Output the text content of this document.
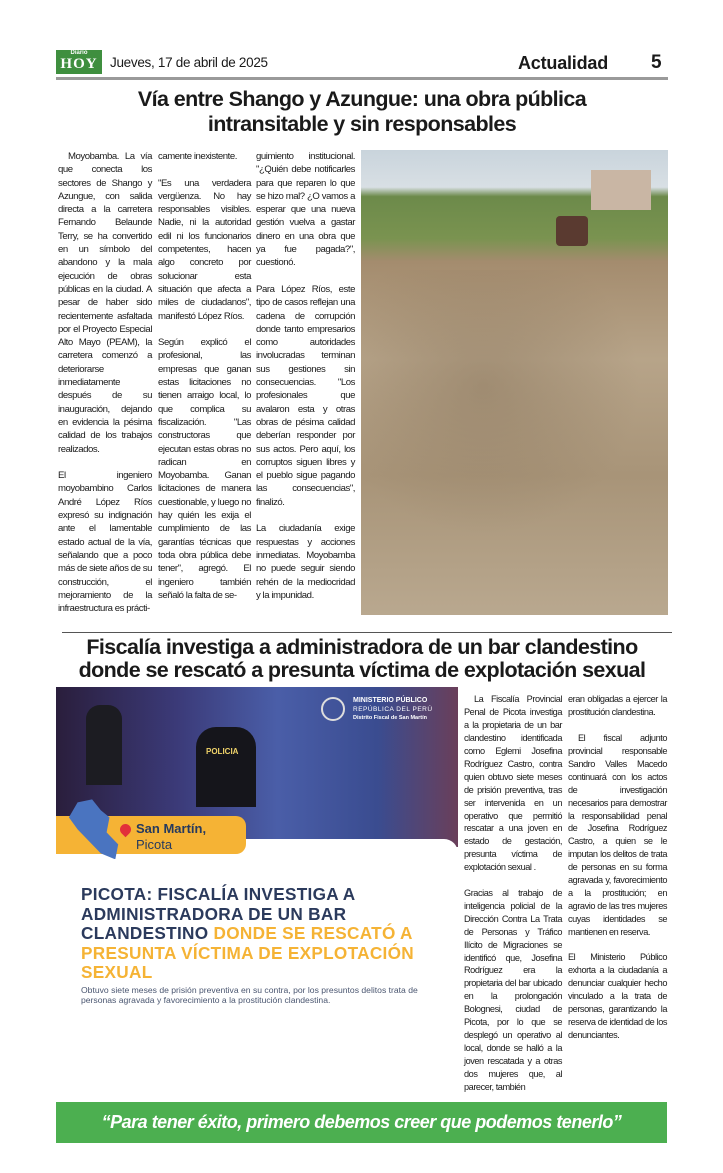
Diario
HOY Jueves, 17 de abril de 2025	Actualidad 5
Vía entre Shango y Azungue: una obra pública
intransitable y sin responsables

Moyobamba. La vía que conecta los sectores de Shango y Azungue, con salida directa a la carretera Fernando Belaunde Terry, se ha convertido en un símbolo del abandono y la mala ejecución de obras públicas en la ciudad. A pesar de haber sido recientemente asfaltada por el Proyecto Especial Alto Mayo (PEAM), la carretera comenzó a deteriorarse inmediatamente después de su inauguración, dejando en evidencia la pésima calidad de los trabajos realizados.

El ingeniero moyobambino Carlos André López Ríos expresó su indignación ante el lamentable estado actual de la vía, señalando que a poco más de siete años de su construcción, el mejoramiento de la infraestructura es prácti-

camente inexistente.

"Es una verdadera vergüenza. No hay responsables visibles. Nadie, ni la autoridad edil ni los funcionarios competentes, hacen algo concreto por solucionar esta situación que afecta a miles de ciudadanos", manifestó López Ríos.

Según explicó el profesional, las empresas que ganan estas licitaciones no tienen arraigo local, lo que complica su fiscalización. "Las constructoras que ejecutan estas obras no radican en Moyobamba. Ganan licitaciones de manera cuestionable, y luego no hay quién les exija el cumplimiento de las garantías técnicas que toda obra pública debe tener", agregó. El ingeniero también señaló la falta de se-

guimiento institucional. "¿Quién debe notificarles para que reparen lo que se hizo mal? ¿O vamos a esperar que una nueva gestión vuelva a gastar dinero en una obra que ya fue pagada?", cuestionó.

Para López Ríos, este tipo de casos reflejan una cadena de corrupción donde tanto empresarios como autoridades involucradas terminan sus gestiones sin consecuencias. "Los profesionales que avalaron esta y otras obras de pésima calidad deberían responder por sus actos. Pero aquí, los corruptos siguen libres y el pueblo sigue pagando las consecuencias", finalizó.

La ciudadanía exige respuestas y acciones inmediatas. Moyobamba no puede seguir siendo rehén de la mediocridad y la impunidad.

Fiscalía investiga a administradora de un bar clandestino
donde se rescató a presunta víctima de explotación sexual
POLICIA
MINISTERIO PÚBLICO
REPÚBLICA DEL PERÚ
Distrito Fiscal de San Martín
PICOTA: FISCALÍA INVESTIGA A ADMINISTRADORA DE UN BAR CLANDESTINO DONDE SE RESCATÓ A PRESUNTA VÍCTIMA DE EXPLOTACIÓN SEXUAL
Obtuvo siete meses de prisión preventiva en su contra, por los presuntos delitos trata de personas agravada y favorecimiento a la prostitución clandestina.
San Martín,
Picota

La Fiscalía Provincial Penal de Picota investiga a la propietaria de un bar clandestino identificada como Eglemi Josefina Rodríguez Castro, contra quien obtuvo siete meses de prisión preventiva, tras ser intervenida en un operativo que permitió rescatar a una joven en estado de gestación, presunta víctima de explotación sexual .

Gracias al trabajo de inteligencia policial de la Dirección Contra La Trata de Personas y Tráfico Ilícito de Migraciones se identificó que, Josefina Rodríguez era la propietaria del bar ubicado en la prolongación Bolognesi, ciudad de Picota, por lo que se desplegó un operativo al local, donde se halló a la joven rescatada y a otras dos mujeres que, al parecer, también

eran obligadas a ejercer la prostitución clandestina.

El fiscal adjunto provincial responsable Sandro Valles Macedo continuará con los actos de investigación necesarios para demostrar la responsabilidad penal de Josefina Rodríguez Castro, a quien se le imputan los delitos de trata de personas en su forma agravada y, favorecimiento a la prostitución; en agravio de las tres mujeres cuyas identidades se mantienen en reserva.

El Ministerio Público exhorta a la ciudadanía a denunciar cualquier hecho vinculado a la trata de personas, garantizando la reserva de identidad de los denunciantes.

“Para tener éxito, primero debemos creer que podemos tenerlo”
